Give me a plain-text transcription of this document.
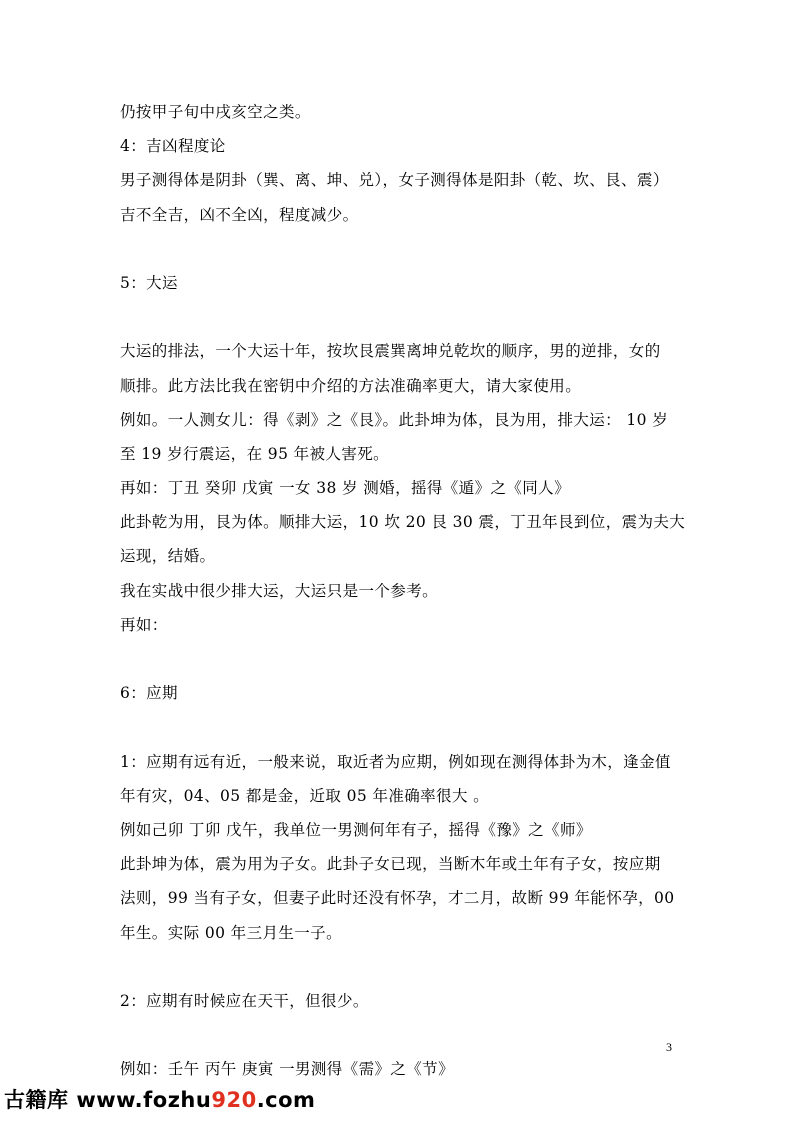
仍按甲子旬中戌亥空之类。
4：吉凶程度论
男子测得体是阴卦（巽、离、坤、兑），女子测得体是阳卦（乾、坎、艮、震）
吉不全吉，凶不全凶，程度减少。
5：大运
大运的排法，一个大运十年，按坎艮震巽离坤兑乾坎的顺序，男的逆排，女的
顺排。此方法比我在密钥中介绍的方法准确率更大，请大家使用。
例如。一人测女儿：得《剥》之《艮》。此卦坤为体，艮为用，排大运： 10 岁
至 19 岁行震运，在 95 年被人害死。
再如：丁丑 癸卯 戊寅 一女 38 岁 测婚，摇得《遁》之《同人》
此卦乾为用，艮为体。顺排大运，10 坎 20 艮 30 震，丁丑年艮到位，震为夫大
运现，结婚。
我在实战中很少排大运，大运只是一个参考。
再如：
6：应期
1：应期有远有近，一般来说，取近者为应期，例如现在测得体卦为木，逢金值
年有灾，04、05 都是金，近取 05 年准确率很大 。
例如己卯 丁卯 戊午，我单位一男测何年有子，摇得《豫》之《师》
此卦坤为体，震为用为子女。此卦子女已现，当断木年或土年有子女，按应期
法则，99 当有子女，但妻子此时还没有怀孕，才二月，故断 99 年能怀孕，00
年生。实际 00 年三月生一子。
2：应期有时候应在天干，但很少。
例如：壬午 丙午 庚寅 一男测得《需》之《节》
3
古籍库 www.fozhu920.com
